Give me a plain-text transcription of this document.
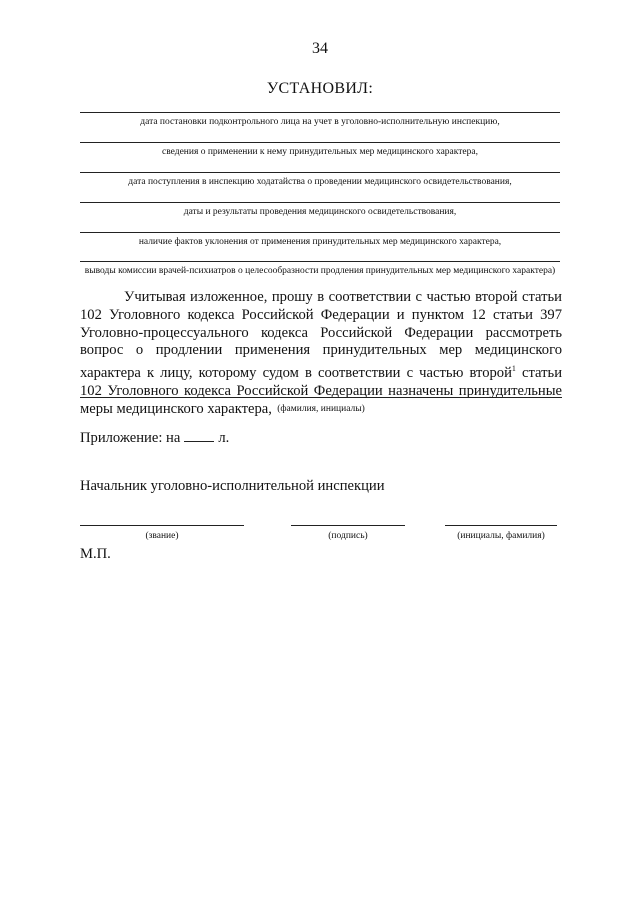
34
УСТАНОВИЛ:
дата постановки подконтрольного лица на учет в уголовно-исполнительную инспекцию,
сведения о применении к нему принудительных мер медицинского характера,
дата поступления в инспекцию ходатайства о проведении медицинского освидетельствования,
даты и результаты проведения медицинского освидетельствования,
наличие фактов уклонения от применения принудительных мер медицинского характера,
выводы комиссии врачей-психиатров о целесообразности продления принудительных мер медицинского характера)
Учитывая изложенное, прошу в соответствии с частью второй статьи 102 Уголовного кодекса Российской Федерации и пунктом 12 статьи 397 Уголовно-процессуального кодекса Российской Федерации рассмотреть вопрос о продлении применения принудительных мер медицинского характера к лицу, которому судом в соответствии с частью второй$^1$ статьи 102 Уголовного кодекса Российской Федерации назначены принудительные меры медицинского характера, (фамилия, инициалы)
Приложение: на	л.
Начальник уголовно-исполнительной инспекции
(звание)	(подпись)	(инициалы, фамилия)
М.П.
